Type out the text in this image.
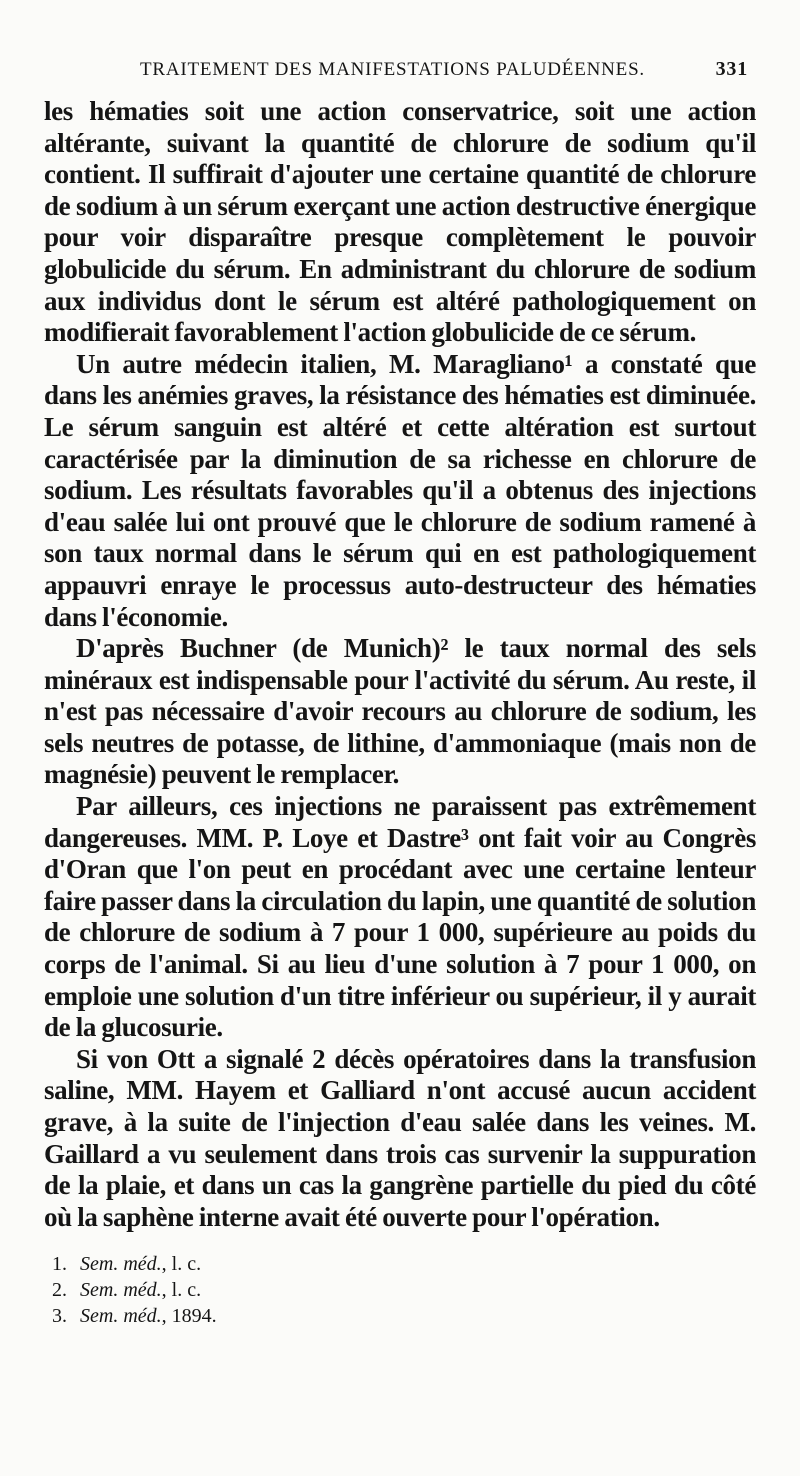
TRAITEMENT DES MANIFESTATIONS PALUDÉENNES.	331

les hématies soit une action conservatrice, soit une action altérante, suivant la quantité de chlorure de sodium qu'il contient. Il suffirait d'ajouter une certaine quantité de chlorure de sodium à un sérum exerçant une action destructive énergique pour voir disparaître presque complètement le pouvoir globulicide du sérum. En administrant du chlorure de sodium aux individus dont le sérum est altéré pathologiquement on modifierait favorablement l'action globulicide de ce sérum.

Un autre médecin italien, M. Maragliano¹ a constaté que dans les anémies graves, la résistance des hématies est diminuée. Le sérum sanguin est altéré et cette altération est surtout caractérisée par la diminution de sa richesse en chlorure de sodium. Les résultats favorables qu'il a obtenus des injections d'eau salée lui ont prouvé que le chlorure de sodium ramené à son taux normal dans le sérum qui en est pathologiquement appauvri enraye le processus auto-destructeur des hématies dans l'économie.

D'après Buchner (de Munich)² le taux normal des sels minéraux est indispensable pour l'activité du sérum. Au reste, il n'est pas nécessaire d'avoir recours au chlorure de sodium, les sels neutres de potasse, de lithine, d'ammoniaque (mais non de magnésie) peuvent le remplacer.

Par ailleurs, ces injections ne paraissent pas extrêmement dangereuses. MM. P. Loye et Dastre³ ont fait voir au Congrès d'Oran que l'on peut en procédant avec une certaine lenteur faire passer dans la circulation du lapin, une quantité de solution de chlorure de sodium à 7 pour 1 000, supérieure au poids du corps de l'animal. Si au lieu d'une solution à 7 pour 1 000, on emploie une solution d'un titre inférieur ou supérieur, il y aurait de la glucosurie.

Si von Ott a signalé 2 décès opératoires dans la transfusion saline, MM. Hayem et Galliard n'ont accusé aucun accident grave, à la suite de l'injection d'eau salée dans les veines. M. Gaillard a vu seulement dans trois cas survenir la suppuration de la plaie, et dans un cas la gangrène partielle du pied du côté où la saphène interne avait été ouverte pour l'opération.

1. Sem. méd., l. c.
2. Sem. méd., l. c.
3. Sem. méd., 1894.
